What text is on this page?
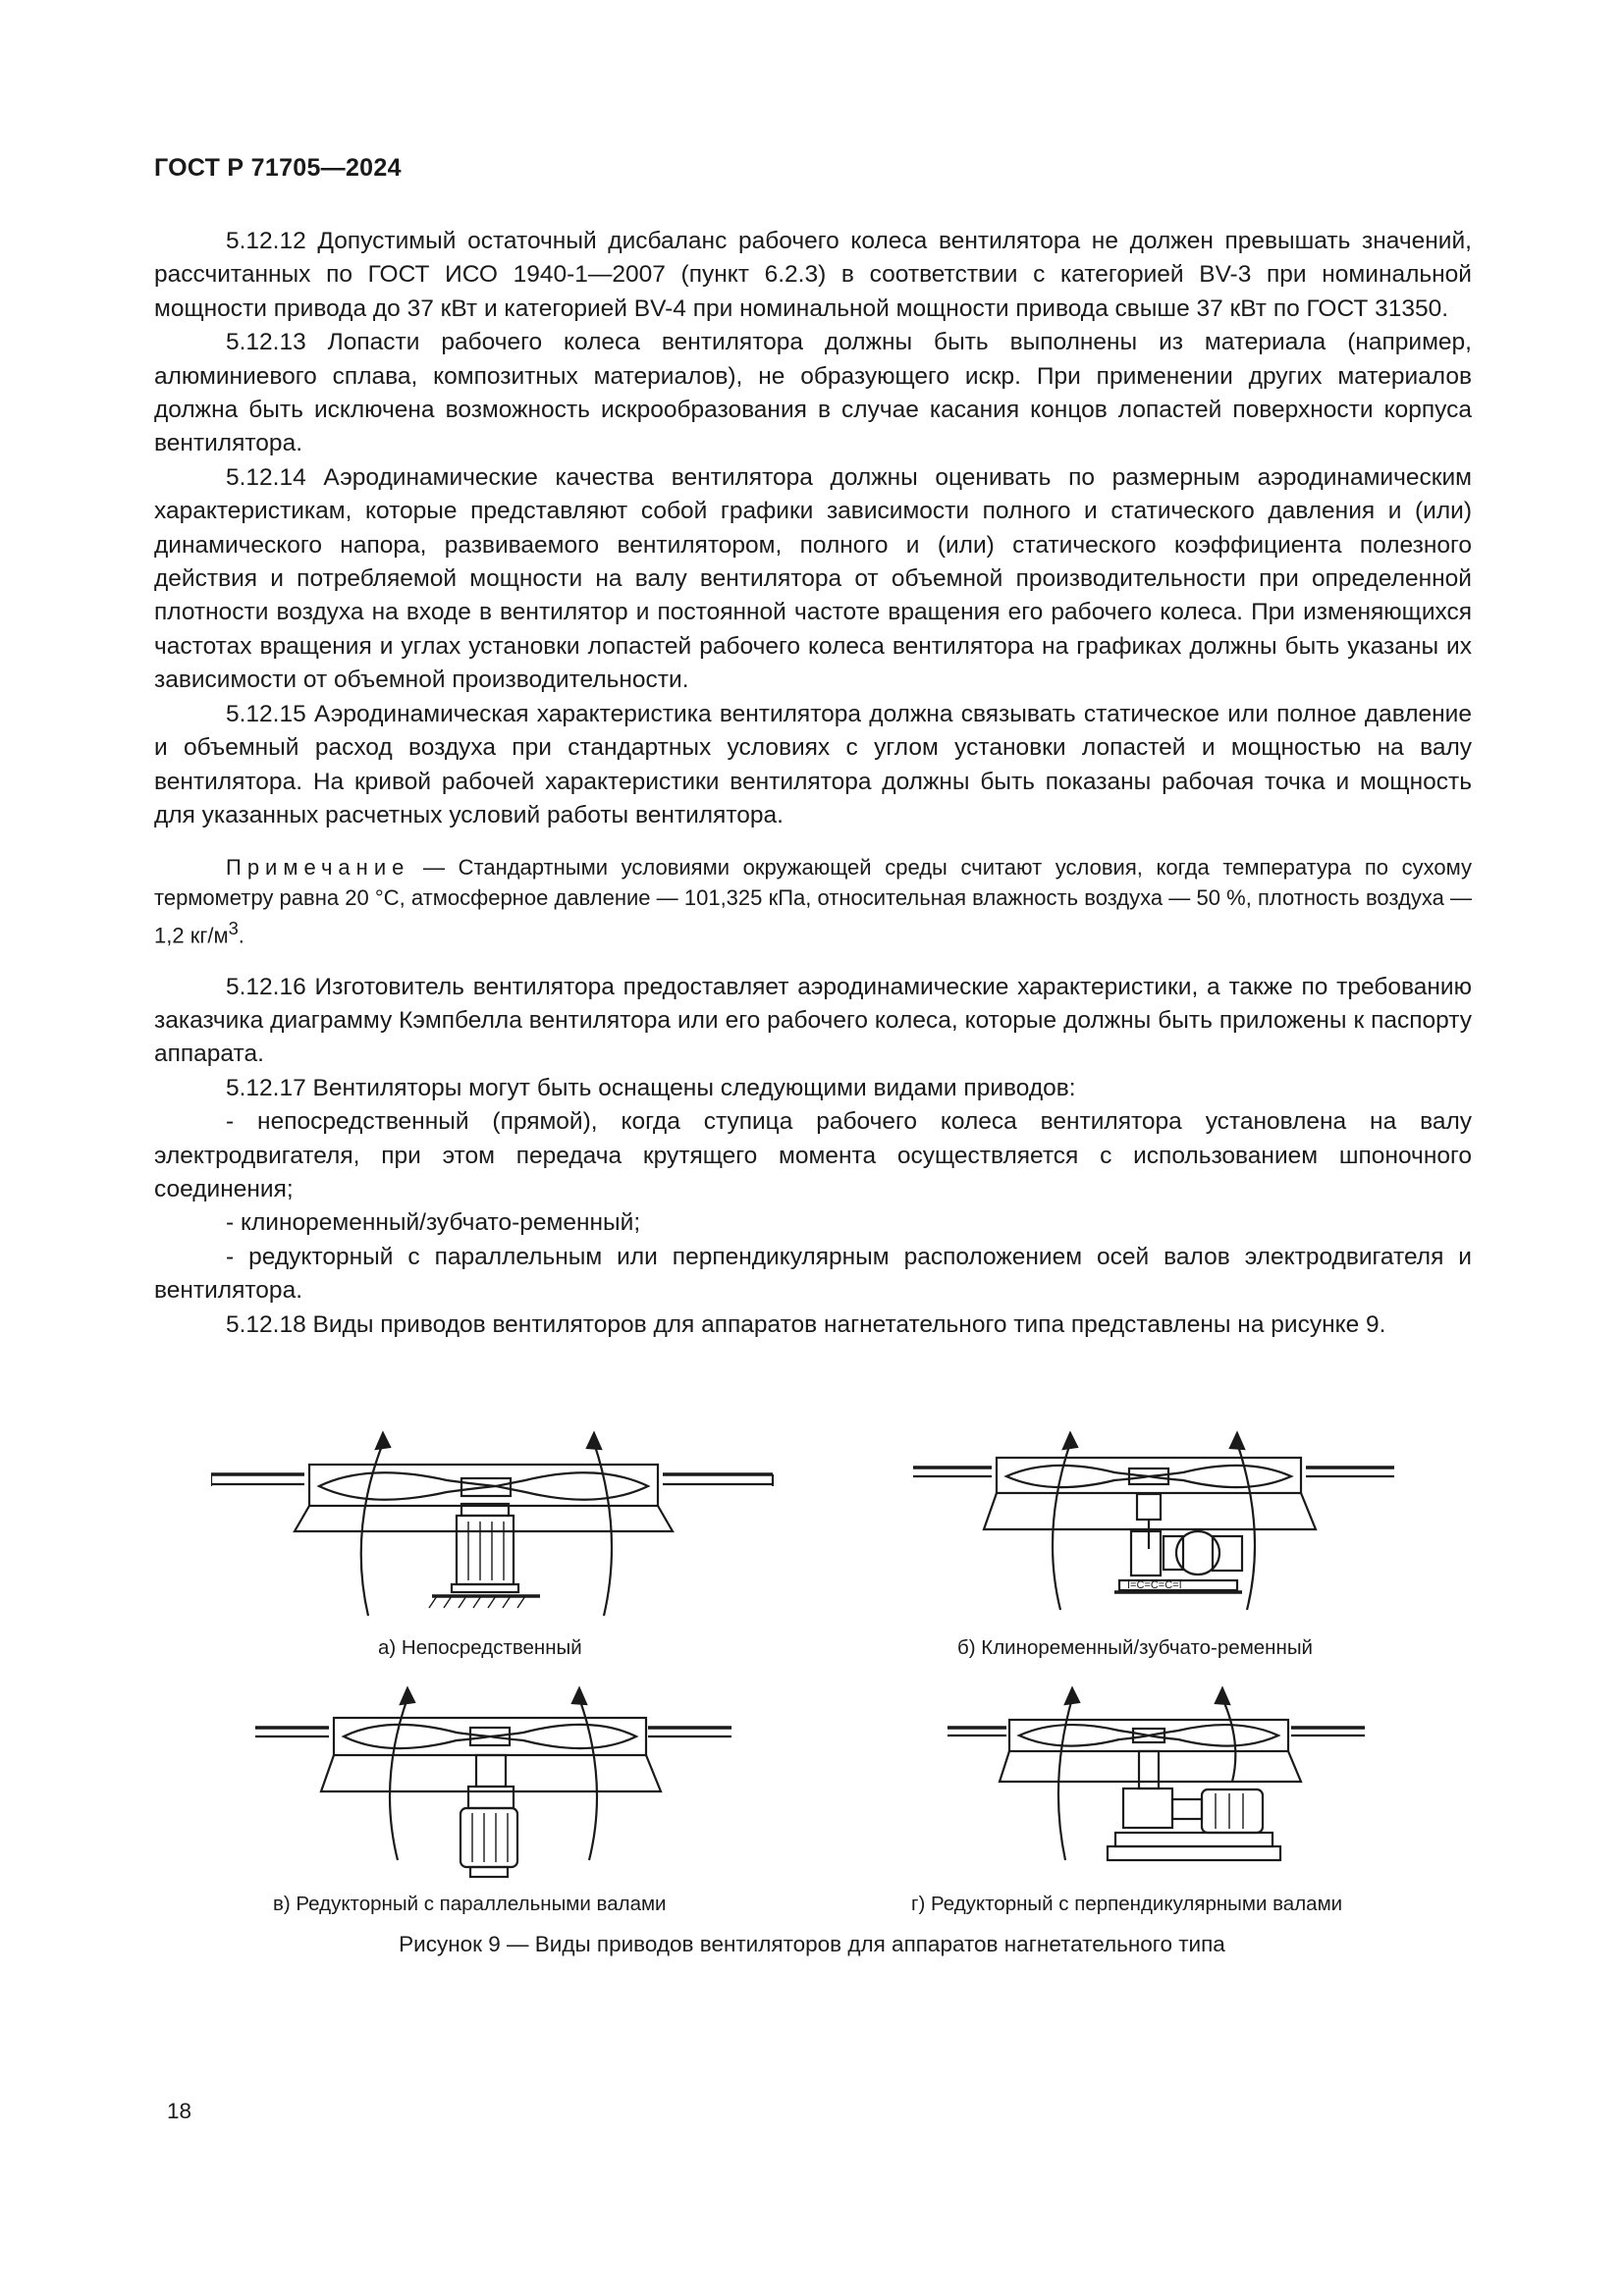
ГОСТ Р 71705—2024

5.12.12 Допустимый остаточный дисбаланс рабочего колеса вентилятора не должен превышать значений, рассчитанных по ГОСТ ИСО 1940-1—2007 (пункт 6.2.3) в соответствии с категорией BV-3 при номинальной мощности привода до 37 кВт и категорией BV-4 при номинальной мощности привода свыше 37 кВт по ГОСТ 31350.

5.12.13 Лопасти рабочего колеса вентилятора должны быть выполнены из материала (например, алюминиевого сплава, композитных материалов), не образующего искр. При применении других материалов должна быть исключена возможность искрообразования в случае касания концов лопастей поверхности корпуса вентилятора.

5.12.14 Аэродинамические качества вентилятора должны оценивать по размерным аэродинамическим характеристикам, которые представляют собой графики зависимости полного и статического давления и (или) динамического напора, развиваемого вентилятором, полного и (или) статического коэффициента полезного действия и потребляемой мощности на валу вентилятора от объемной производительности при определенной плотности воздуха на входе в вентилятор и постоянной частоте вращения его рабочего колеса. При изменяющихся частотах вращения и углах установки лопастей рабочего колеса вентилятора на графиках должны быть указаны их зависимости от объемной производительности.

5.12.15 Аэродинамическая характеристика вентилятора должна связывать статическое или полное давление и объемный расход воздуха при стандартных условиях с углом установки лопастей и мощностью на валу вентилятора. На кривой рабочей характеристики вентилятора должны быть показаны рабочая точка и мощность для указанных расчетных условий работы вентилятора.

Примечание — Стандартными условиями окружающей среды считают условия, когда температура по сухому термометру равна 20 °С, атмосферное давление — 101,325 кПа, относительная влажность воздуха — 50 %, плотность воздуха — 1,2 $кг/м^3$.

5.12.16 Изготовитель вентилятора предоставляет аэродинамические характеристики, а также по требованию заказчика диаграмму Кэмпбелла вентилятора или его рабочего колеса, которые должны быть приложены к паспорту аппарата.

5.12.17 Вентиляторы могут быть оснащены следующими видами приводов:

- непосредственный (прямой), когда ступица рабочего колеса вентилятора установлена на валу электродвигателя, при этом передача крутящего момента осуществляется с использованием шпоночного соединения;

- клиноременный/зубчато-ременный;

- редукторный с параллельным или перпендикулярным расположением осей валов электродвигателя и вентилятора.

5.12.18 Виды приводов вентиляторов для аппаратов нагнетательного типа представлены на рисунке 9.

I=C=C=C=I
а) Непосредственный	б) Клиноременный/зубчато-ременный
в) Редукторный с параллельными валами	г) Редукторный с перпендикулярными валами
Рисунок 9 — Виды приводов вентиляторов для аппаратов нагнетательного типа
18
